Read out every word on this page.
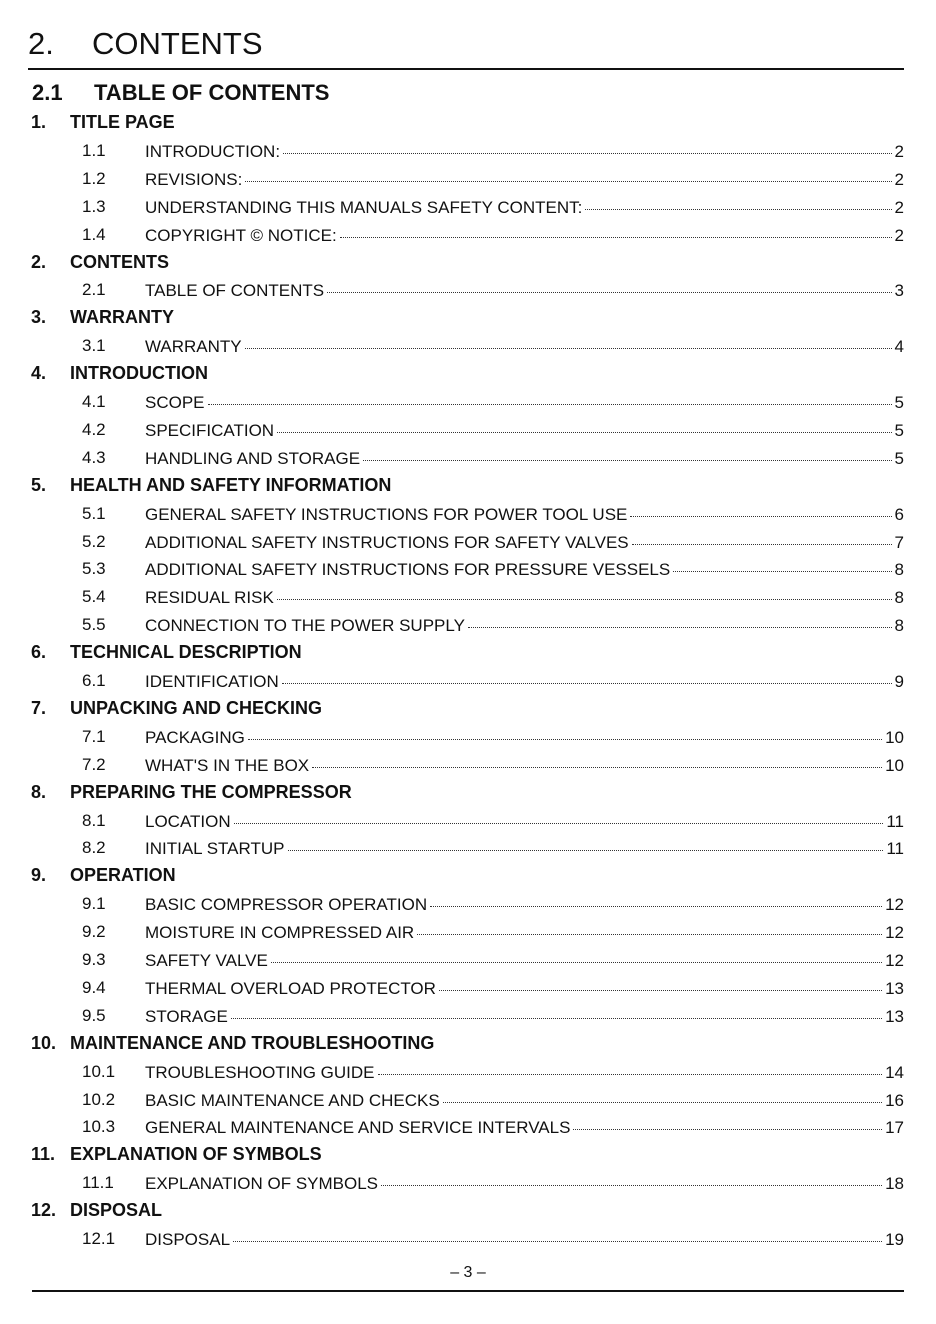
2. CONTENTS
2.1 TABLE OF CONTENTS
1. TITLE PAGE
1.1 INTRODUCTION:	2
1.2 REVISIONS:	2
1.3 UNDERSTANDING THIS MANUALS SAFETY CONTENT:	2
1.4 COPYRIGHT © NOTICE:	2
2. CONTENTS
2.1 TABLE OF CONTENTS	3
3. WARRANTY
3.1 WARRANTY	4
4. INTRODUCTION
4.1 SCOPE	5
4.2 SPECIFICATION	5
4.3 HANDLING AND STORAGE	5
5. HEALTH AND SAFETY INFORMATION
5.1 GENERAL SAFETY INSTRUCTIONS FOR POWER TOOL USE	6
5.2 ADDITIONAL SAFETY INSTRUCTIONS FOR SAFETY VALVES	7
5.3 ADDITIONAL SAFETY INSTRUCTIONS FOR PRESSURE VESSELS	8
5.4 RESIDUAL RISK	8
5.5 CONNECTION TO THE POWER SUPPLY	8
6. TECHNICAL DESCRIPTION
6.1 IDENTIFICATION	9
7. UNPACKING AND CHECKING
7.1 PACKAGING	10
7.2 WHAT'S IN THE BOX	10
8. PREPARING THE COMPRESSOR
8.1 LOCATION	11
8.2 INITIAL STARTUP	11
9. OPERATION
9.1 BASIC COMPRESSOR OPERATION	12
9.2 MOISTURE IN COMPRESSED AIR	12
9.3 SAFETY VALVE	12
9.4 THERMAL OVERLOAD PROTECTOR	13
9.5 STORAGE	13
10. MAINTENANCE AND TROUBLESHOOTING
10.1 TROUBLESHOOTING GUIDE	14
10.2 BASIC MAINTENANCE AND CHECKS	16
10.3 GENERAL MAINTENANCE AND SERVICE INTERVALS	17
11. EXPLANATION OF SYMBOLS
11.1 EXPLANATION OF SYMBOLS	18
12. DISPOSAL
12.1 DISPOSAL	19
– 3 –
